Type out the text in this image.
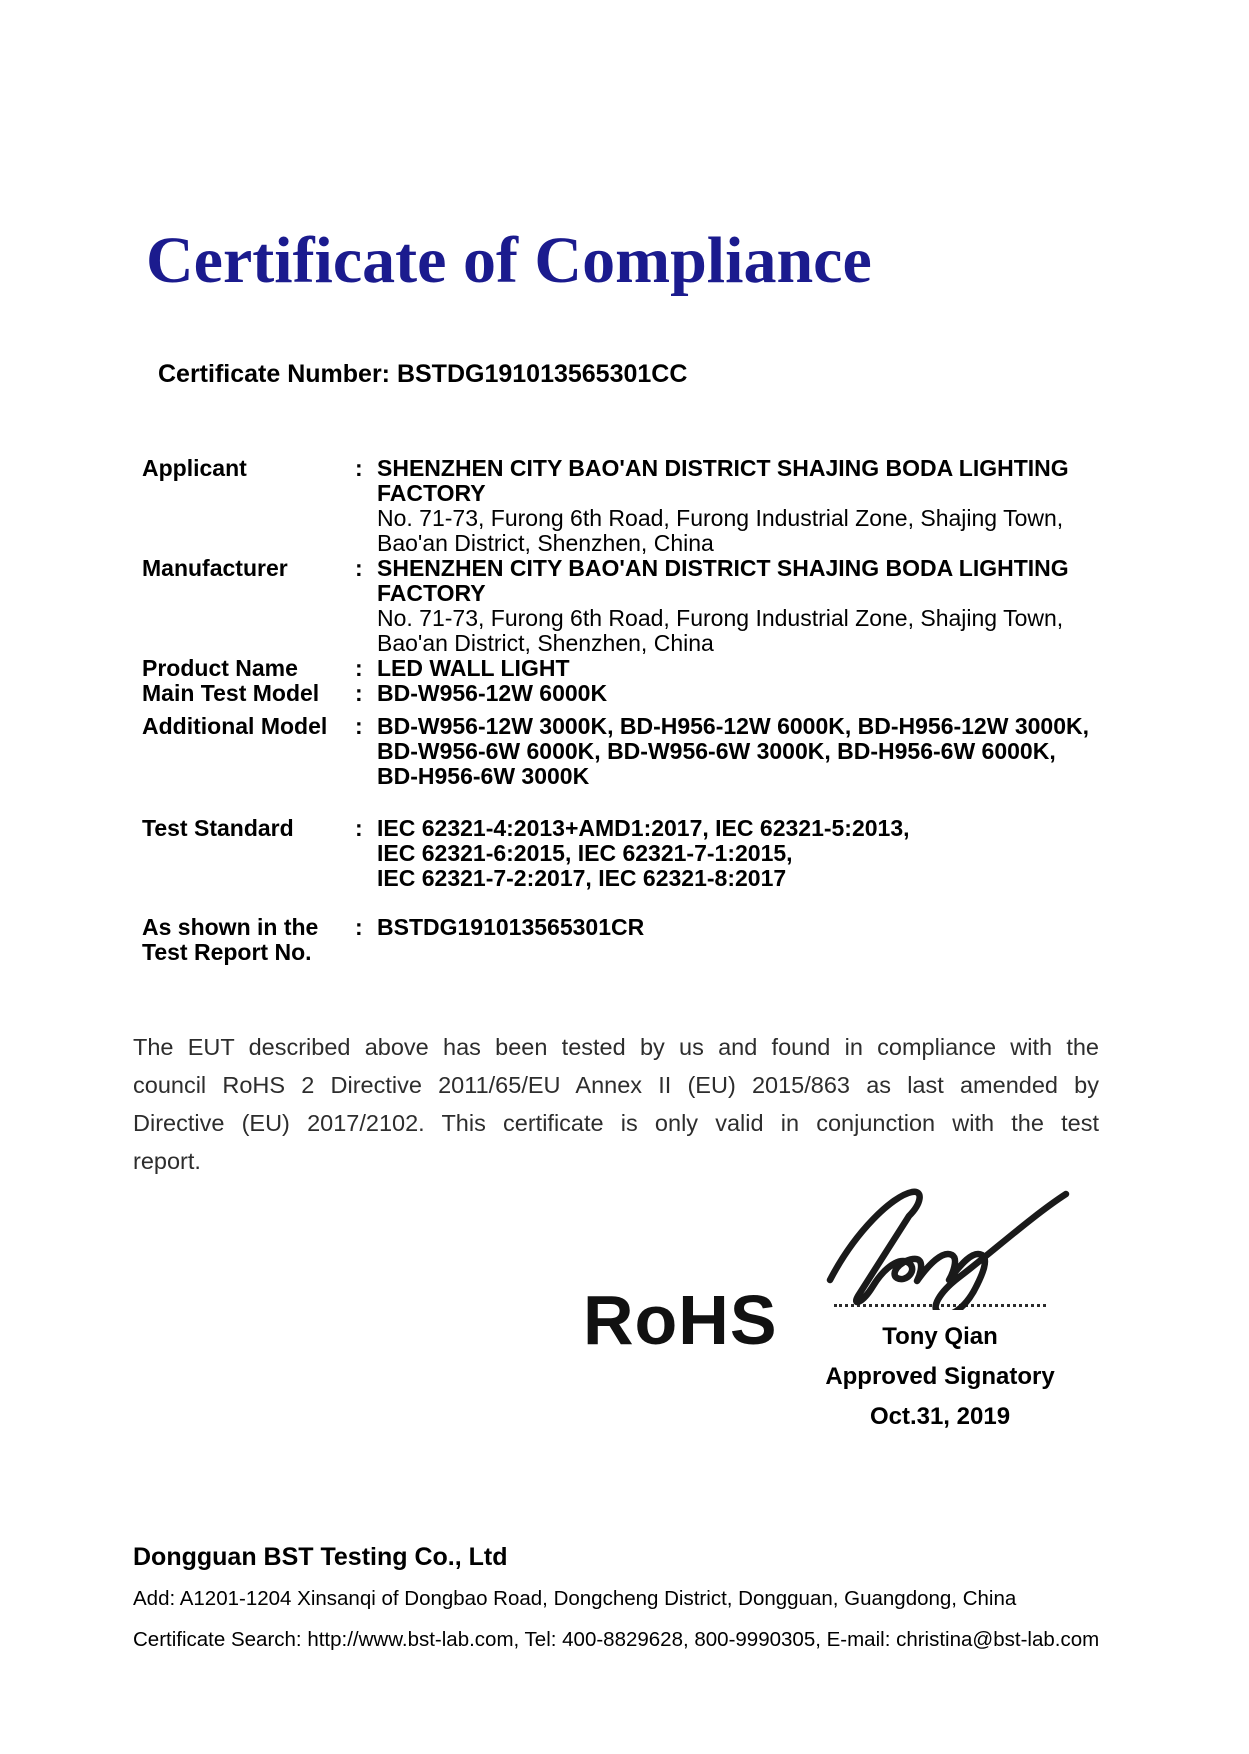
Certificate of Compliance
Certificate Number: BSTDG191013565301CC
Applicant	: SHENZHEN CITY BAO'AN DISTRICT SHAJING BODA LIGHTING
FACTORY
No. 71-73, Furong 6th Road, Furong Industrial Zone, Shajing Town,
Bao'an District, Shenzhen, China
Manufacturer	: SHENZHEN CITY BAO'AN DISTRICT SHAJING BODA LIGHTING
FACTORY
No. 71-73, Furong 6th Road, Furong Industrial Zone, Shajing Town,
Bao'an District, Shenzhen, China
Product Name	: LED WALL LIGHT
Main Test Model	: BD-W956-12W 6000K
Additional Model	: BD-W956-12W 3000K, BD-H956-12W 6000K, BD-H956-12W 3000K,
BD-W956-6W 6000K, BD-W956-6W 3000K, BD-H956-6W 6000K,
BD-H956-6W 3000K
Test Standard	: IEC 62321-4:2013+AMD1:2017, IEC 62321-5:2013,
IEC 62321-6:2015, IEC 62321-7-1:2015,
IEC 62321-7-2:2017, IEC 62321-8:2017
As shown in the
Test Report No.
: BSTDG191013565301CR
The EUT described above has been tested by us and found in compliance with the
council RoHS 2 Directive 2011/65/EU Annex II (EU) 2015/863 as last amended by
Directive (EU) 2017/2102. This certificate is only valid in conjunction with the test
report.
RoHS	Tony Qian
Approved Signatory
Oct.31, 2019
Dongguan BST Testing Co., Ltd
Add: A1201-1204 Xinsanqi of Dongbao Road, Dongcheng District, Dongguan, Guangdong, China
Certificate Search: http://www.bst-lab.com, Tel: 400-8829628, 800-9990305, E-mail: christina@bst-lab.com
